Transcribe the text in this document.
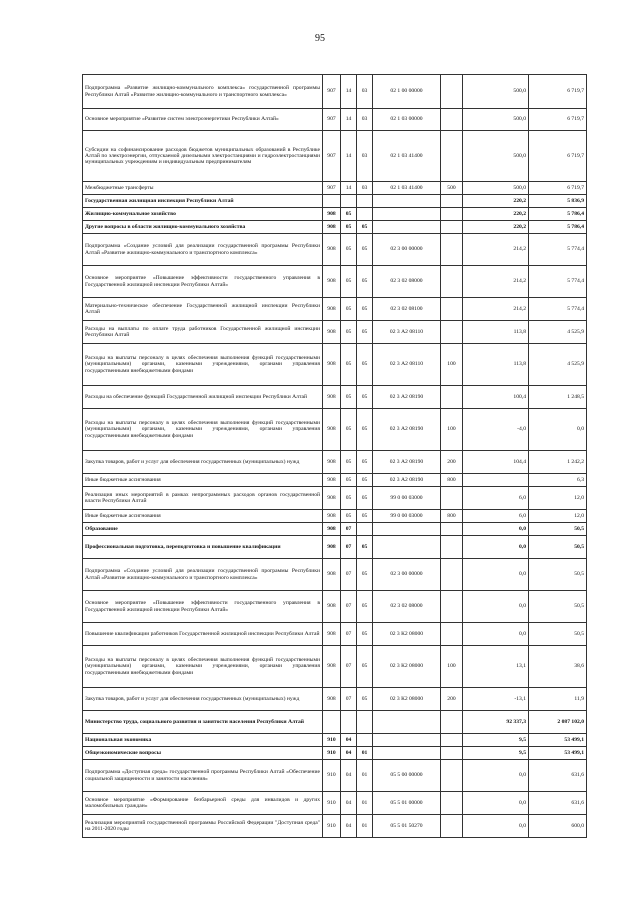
95
Подпрограмма «Развитие жилищно-коммунального комплекса» государственной программы Республики Алтай «Развитие жилищно-коммунального и транспортного комплекса»	907	14	03	02 1 00 00000		500,0	6 719,7
Основное мероприятие «Развитие систем электроэнергетики Республики Алтай»	907	14	03	02 1 03 00000		500,0	6 719,7
Субсидии на софинансирование расходов бюджетов муниципальных образований в Республике Алтай по электроэнергии, отпускаемой дизельными электростанциями и гидроэлектростанциями муниципальных учреждениям и индивидуальным предпринимателям	907	14	03	02 1 03 41400		500,0	6 719,7
Межбюджетные трансферты	907	14	03	02 1 03 41400	500	500,0	6 719,7
Государственная жилищная инспекция Республики Алтай						220,2	5 836,9
Жилищно-коммунальное хозяйство	908	05				220,2	5 786,4
Другие вопросы в области жилищно-коммунального хозяйства	908	05	05			220,2	5 786,4
Подпрограмма «Создание условий для реализации государственной программы Республики Алтай «Развитие жилищно-коммунального и транспортного комплекса»	908	05	05	02 3 00 00000		214,2	5 774,4
Основное мероприятие «Повышение эффективности государственного управления в Государственной жилищной инспекции Республики Алтай»	908	05	05	02 3 02 08000		214,2	5 774,4
Материально-техническое обеспечение Государственной жилищной инспекции Республики Алтай	908	05	05	02 3 02 08100		214,2	5 774,4
Расходы на выплаты по оплате труда работников Государственной жилищной инспекции Республики Алтай	908	05	05	02 3 А2 08110		113,8	4 525,9
Расходы на выплаты персоналу в целях обеспечения выполнения функций государственными (муниципальными) органами, казенными учреждениями, органами управления государственными внебюджетными фондами	908	05	05	02 3 А2 08110	100	113,8	4 525,9
Расходы на обеспечение функций Государственной жилищной инспекции Республики Алтай	908	05	05	02 3 А2 08190		100,4	1 248,5
Расходы на выплаты персоналу в целях обеспечения выполнения функций государственными (муниципальными) органами, казенными учреждениями, органами управления государственными внебюджетными фондами	908	05	05	02 3 А2 08190	100	-4,0	0,0
Закупка товаров, работ и услуг для обеспечения государственных (муниципальных) нужд	908	05	05	02 3 А2 08190	200	104,4	1 242,2
Иные бюджетные ассигнования	908	05	05	02 3 А2 08190	800		6,3
Реализация иных мероприятий в рамках непрограммных расходов органов государственной власти Республики Алтай	908	05	05	99 0 00 03000		6,0	12,0
Иные бюджетные ассигнования	908	05	05	99 0 00 03000	800	6,0	12,0
Образование	908	07				0,0	50,5
Профессиональная подготовка, переподготовка и повышение квалификации	908	07	05			0,0	50,5
Подпрограмма «Создание условий для реализации государственной программы Республики Алтай «Развитие жилищно-коммунального и транспортного комплекса»	908	07	05	02 3 00 00000		0,0	50,5
Основное мероприятие «Повышение эффективности государственного управления в Государственной жилищной инспекции Республики Алтай»	908	07	05	02 3 02 08000		0,0	50,5
Повышение квалификации работников Государственной жилищной инспекции Республики Алтай	908	07	05	02 3 К2 08000		0,0	50,5
Расходы на выплаты персоналу в целях обеспечения выполнения функций государственными (муниципальными) органами, казенными учреждениями, органами управления государственными внебюджетными фондами	908	07	05	02 3 К2 08000	100	13,1	38,6
Закупка товаров, работ и услуг для обеспечения государственных (муниципальных) нужд	908	07	05	02 3 К2 08000	200	-13,1	11,9
Министерство труда, социального развития и занятости населения Республики Алтай						92 337,3	2 087 102,0
Национальная экономика	910	04				9,5	53 499,1
Общеэкономические вопросы	910	04	01			9,5	53 499,1
Подпрограмма «Доступная среда» государственной программы Республики Алтай «Обеспечение социальной защищенности и занятости населения»	910	04	01	05 5 00 00000		0,0	631,6
Основное мероприятие «Формирование безбарьерной среды для инвалидов и других маломобильных граждан»	910	04	01	05 5 01 00000		0,0	631,6
Реализация мероприятий государственной программы Российской Федерации "Доступная среда" на 2011-2020 годы	910	04	01	05 5 01 50270		0,0	600,0
